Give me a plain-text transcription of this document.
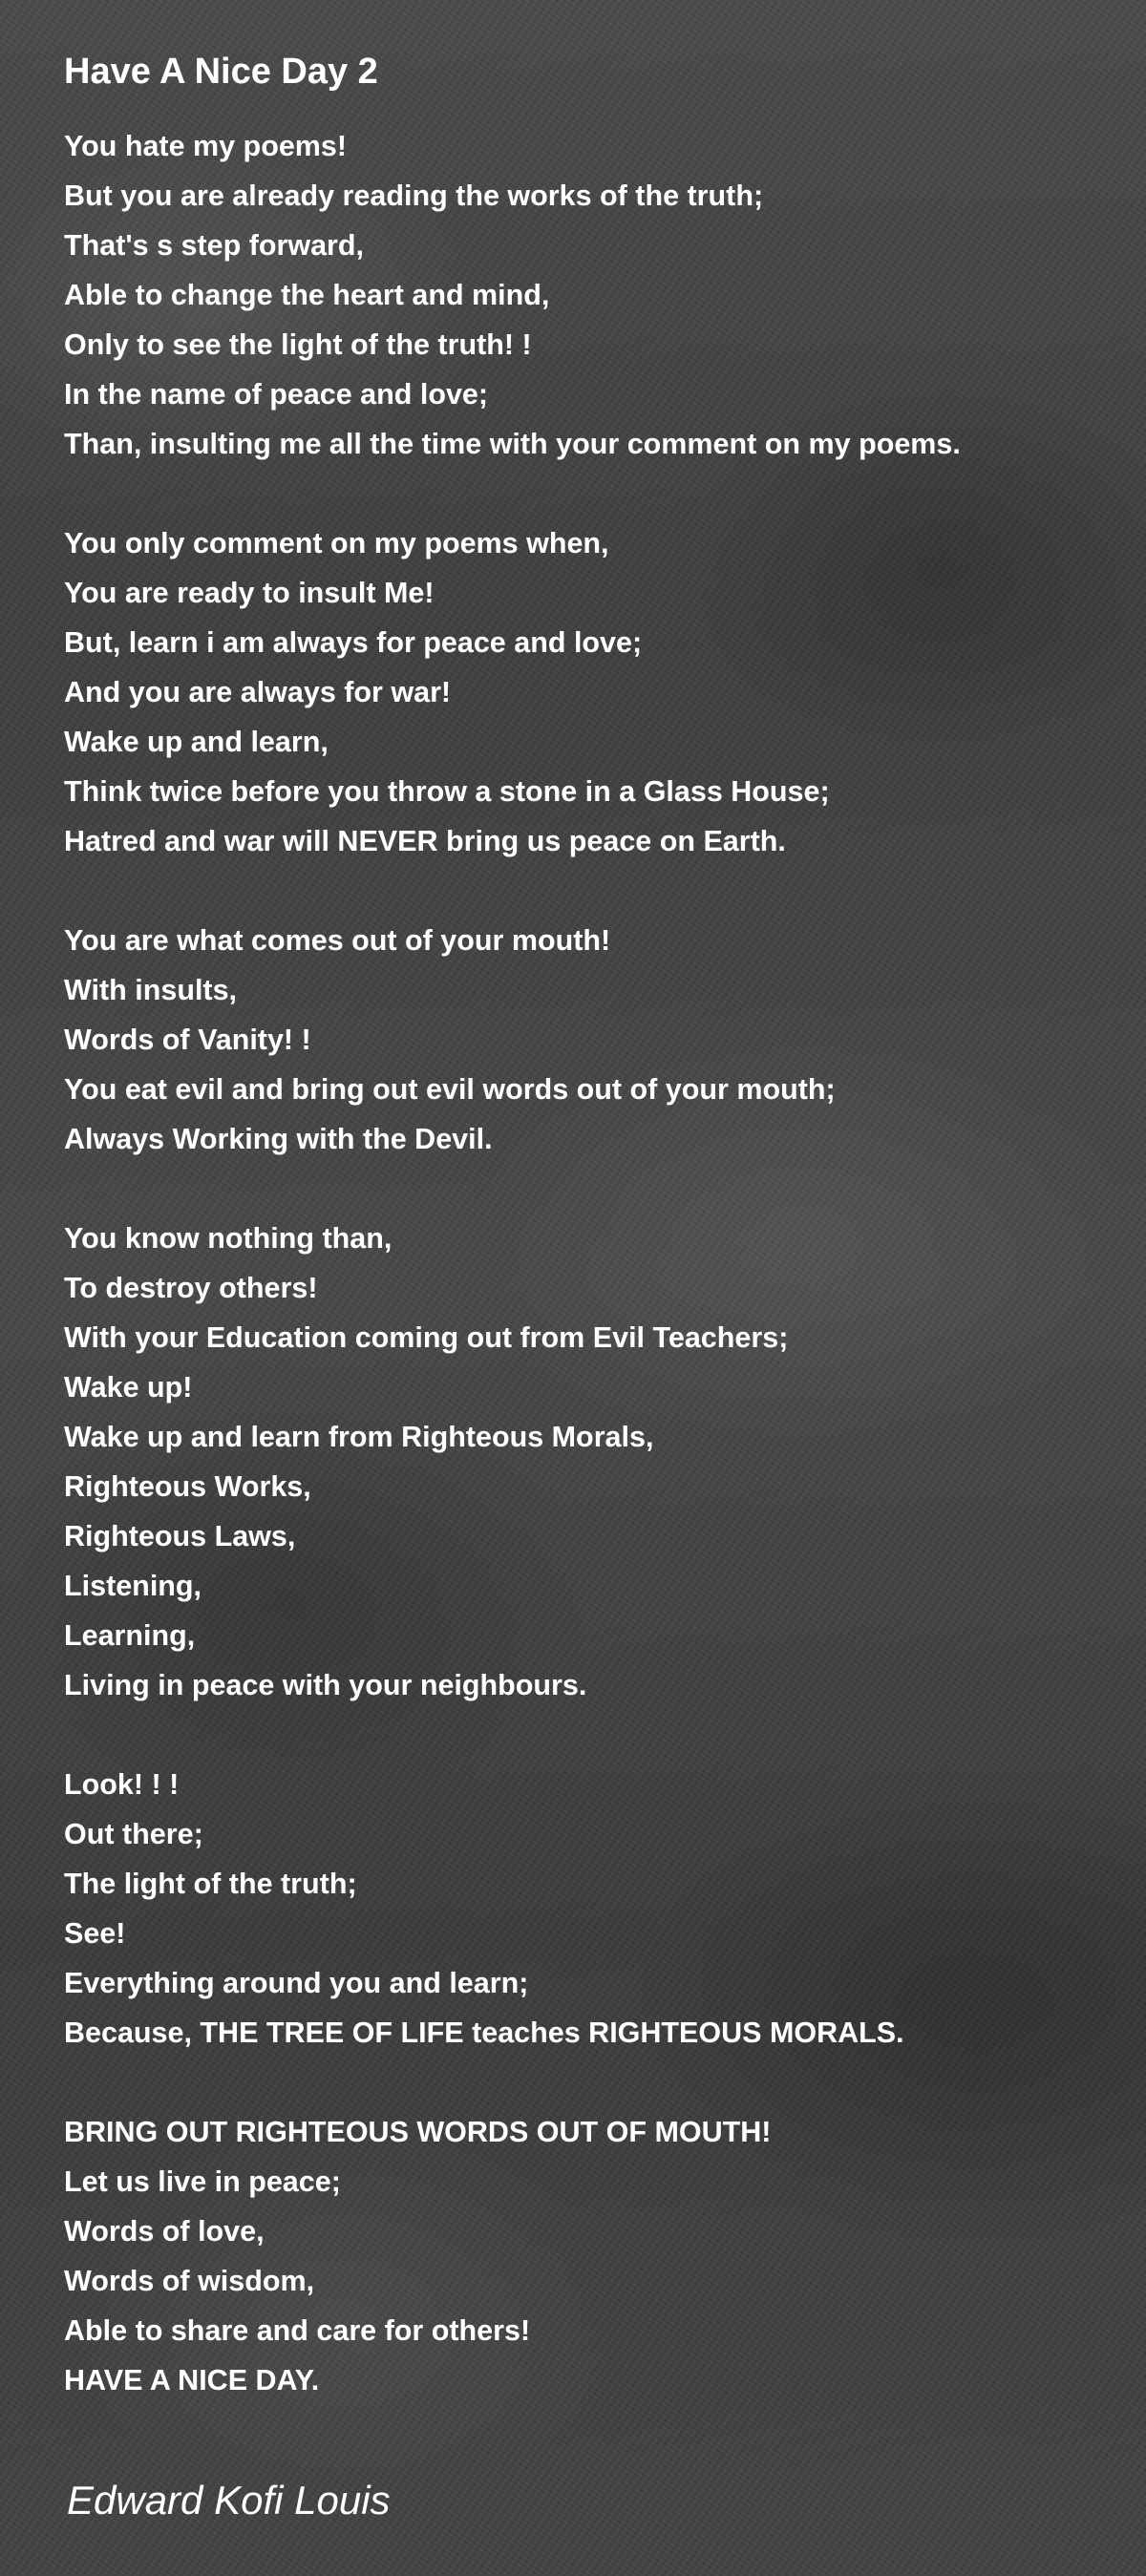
Have A Nice Day 2
You hate my poems!
But you are already reading the works of the truth;
That's s step forward,
Able to change the heart and mind,
Only to see the light of the truth! !
In the name of peace and love;
Than, insulting me all the time with your comment on my poems.
You only comment on my poems when,
You are ready to insult Me!
But, learn i am always for peace and love;
And you are always for war!
Wake up and learn,
Think twice before you throw a stone in a Glass House;
Hatred and war will NEVER bring us peace on Earth.
You are what comes out of your mouth!
With insults,
Words of Vanity! !
You eat evil and bring out evil words out of your mouth;
Always Working with the Devil.
You know nothing than,
To destroy others!
With your Education coming out from Evil Teachers;
Wake up!
Wake up and learn from Righteous Morals,
Righteous Works,
Righteous Laws,
Listening,
Learning,
Living in peace with your neighbours.
Look! ! !
Out there;
The light of the truth;
See!
Everything around you and learn;
Because, THE TREE OF LIFE teaches RIGHTEOUS MORALS.
BRING OUT RIGHTEOUS WORDS OUT OF MOUTH!
Let us live in peace;
Words of love,
Words of wisdom,
Able to share and care for others!
HAVE A NICE DAY.
Edward Kofi Louis
